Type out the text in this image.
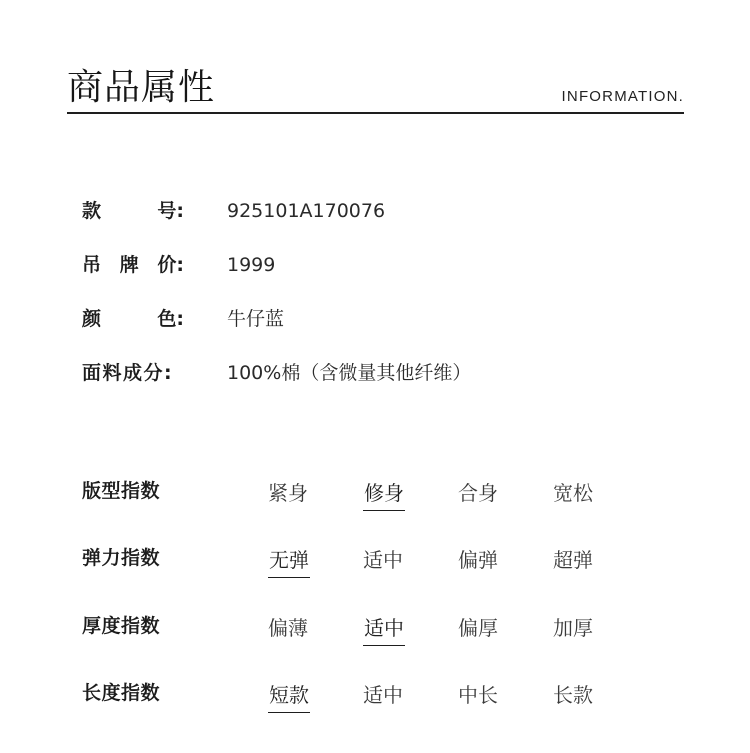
商品属性	INFORMATION.
款	号: 925101A170076
吊 牌 价: 1999
颜	色: 牛仔蓝
面料成分:	100%棉（含微量其他纤维）
版型指数	紧身	修身	合身	宽松
弹力指数	无弹	适中	偏弹	超弹
厚度指数	偏薄	适中	偏厚	加厚
长度指数	短款	适中	中长	长款
